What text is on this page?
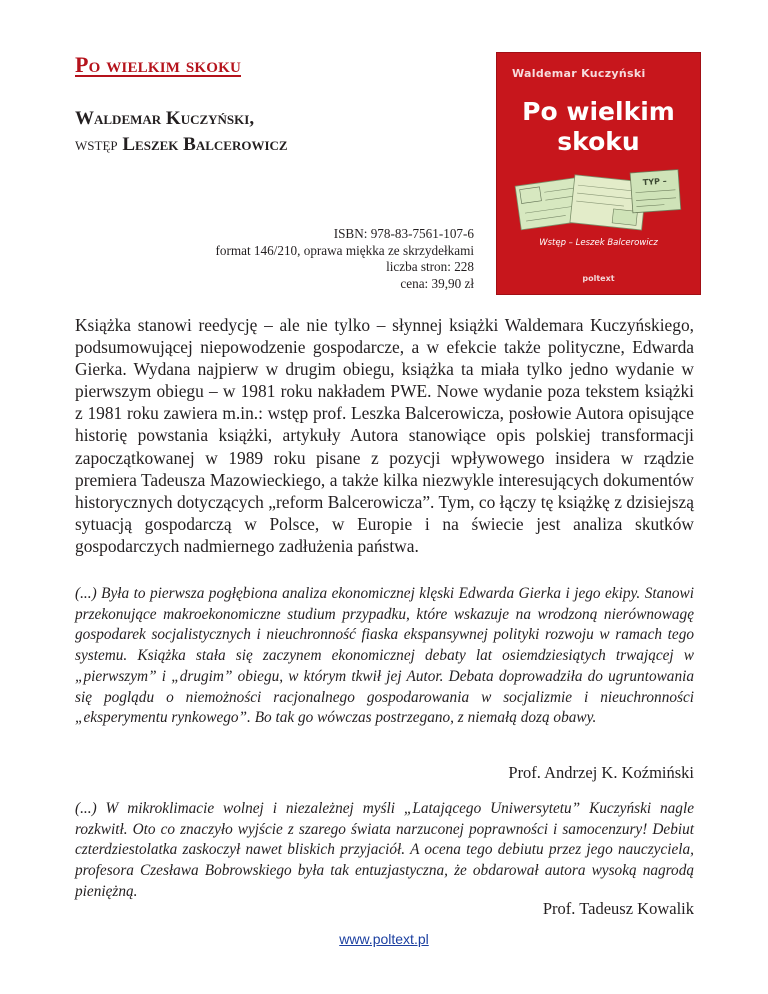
Po wielkim skoku
Waldemar Kuczyński,
wstęp Leszek Balcerowicz
ISBN: 978-83-7561-107-6
format 146/210, oprawa miękka ze skrzydełkami
liczba stron: 228
cena: 39,90 zł
Waldemar Kuczyński
Po wielkim
skoku
TYP –
Wstęp – Leszek Balcerowicz
poltext

Książka stanowi reedycję – ale nie tylko – słynnej książki Waldemara Kuczyńskiego, podsumowującej niepowodzenie gospodarcze, a w efekcie także polityczne, Edwarda Gierka. Wydana najpierw w drugim obiegu, książka ta miała tylko jedno wydanie w pierwszym obiegu – w 1981 roku nakładem PWE. Nowe wydanie poza tekstem książki z 1981 roku zawiera m.in.: wstęp prof. Leszka Balcerowicza, posłowie Autora opisujące historię powstania książki, artykuły Autora stanowiące opis polskiej transformacji zapoczątkowanej w 1989 roku pisane z pozycji wpływowego insidera w rządzie premiera Tadeusza Mazowieckiego, a także kilka niezwykle interesujących dokumentów historycznych dotyczących „reform Balcerowicza”. Tym, co łączy tę książkę z dzisiejszą sytuacją gospodarczą w Polsce, w Europie i na świecie jest analiza skutków gospodarczych nadmiernego zadłużenia państwa.

(...) Była to pierwsza pogłębiona analiza ekonomicznej klęski Edwarda Gierka i jego ekipy. Stanowi przekonujące makroekonomiczne studium przypadku, które wskazuje na wrodzoną nierównowagę gospodarek socjalistycznych i nieuchronność fiaska ekspansywnej polityki rozwoju w ramach tego systemu. Książka stała się zaczynem ekonomicznej debaty lat osiemdziesiątych trwającej w „pierwszym” i „drugim” obiegu, w którym tkwił jej Autor. Debata doprowadziła do ugruntowania się poglądu o niemożności racjonalnego gospodarowania w socjalizmie i nieuchronności „eksperymentu rynkowego”. Bo tak go wówczas postrzegano, z niemałą dozą obawy.

Prof. Andrzej K. Koźmiński

(...) W mikroklimacie wolnej i niezależnej myśli „Latającego Uniwersytetu” Kuczyński nagle rozkwitł. Oto co znaczyło wyjście z szarego świata narzuconej poprawności i samocenzury! Debiut czterdziestolatka zaskoczył nawet bliskich przyjaciół. A ocena tego debiutu przez jego nauczyciela, profesora Czesława Bobrowskiego była tak entuzjastyczna, że obdarował autora wysoką nagrodą pieniężną.

Prof. Tadeusz Kowalik
www.poltext.pl
